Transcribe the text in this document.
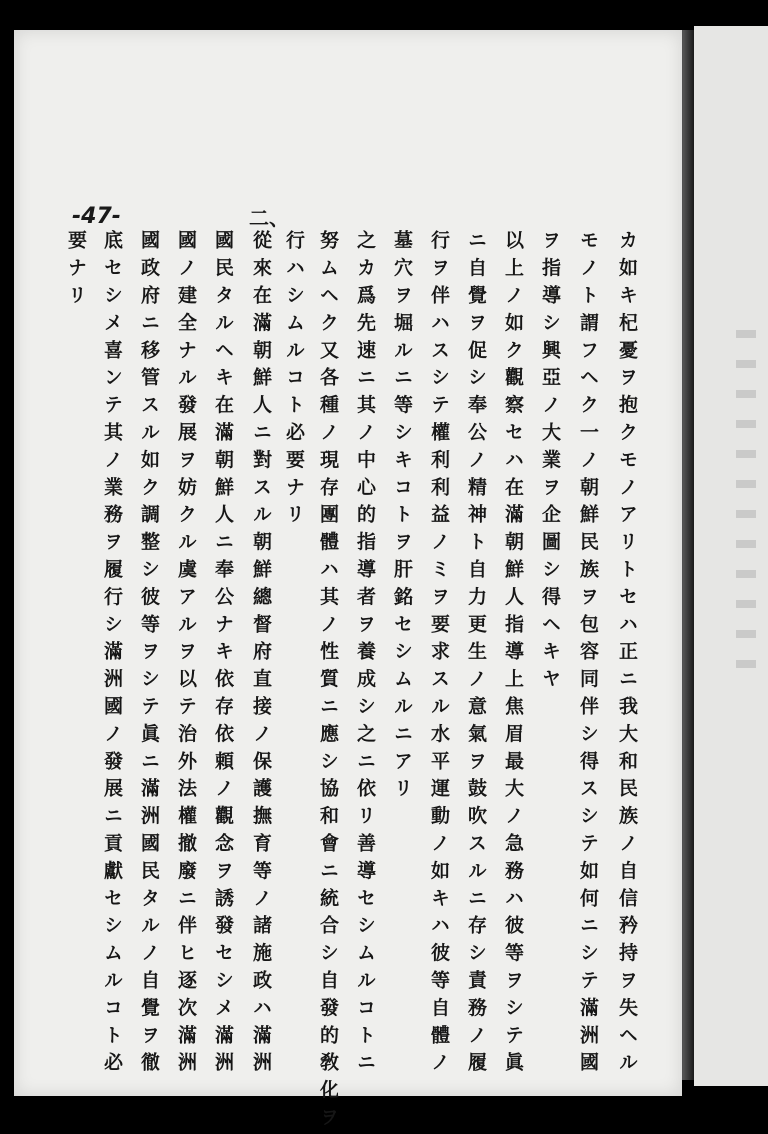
-47-	二、
カ如キ杞憂ヲ抱クモノアリトセハ正ニ我大和民族ノ自信矜持ヲ失ヘル
モノト謂フヘク一ノ朝鮮民族ヲ包容同伴シ得スシテ如何ニシテ滿洲國
ヲ指導シ興亞ノ大業ヲ企圖シ得ヘキヤ
以上ノ如ク觀察セハ在滿朝鮮人指導上焦眉最大ノ急務ハ彼等ヲシテ眞
ニ自覺ヲ促シ奉公ノ精神ト自力更生ノ意氣ヲ鼓吹スルニ存シ責務ノ履
行ヲ伴ハスシテ權利利益ノミヲ要求スル水平運動ノ如キハ彼等自體ノ
墓穴ヲ堀ルニ等シキコトヲ肝銘セシムルニアリ
之カ爲先速ニ其ノ中心的指導者ヲ養成シ之ニ依リ善導セシムルコトニ
努ムヘク又各種ノ現存團體ハ其ノ性質ニ應シ協和會ニ統合シ自發的敎化ヲ
行ハシムルコト必要ナリ
從來在滿朝鮮人ニ對スル朝鮮總督府直接ノ保護撫育等ノ諸施政ハ滿洲
國民タルヘキ在滿朝鮮人ニ奉公ナキ依存依頼ノ觀念ヲ誘發セシメ滿洲
國ノ建全ナル發展ヲ妨クル虞アルヲ以テ治外法權撤廢ニ伴ヒ逐次滿洲
國政府ニ移管スル如ク調整シ彼等ヲシテ眞ニ滿洲國民タルノ自覺ヲ徹
底セシメ喜ンテ其ノ業務ヲ履行シ滿洲國ノ發展ニ貢獻セシムルコト必
要ナリ
